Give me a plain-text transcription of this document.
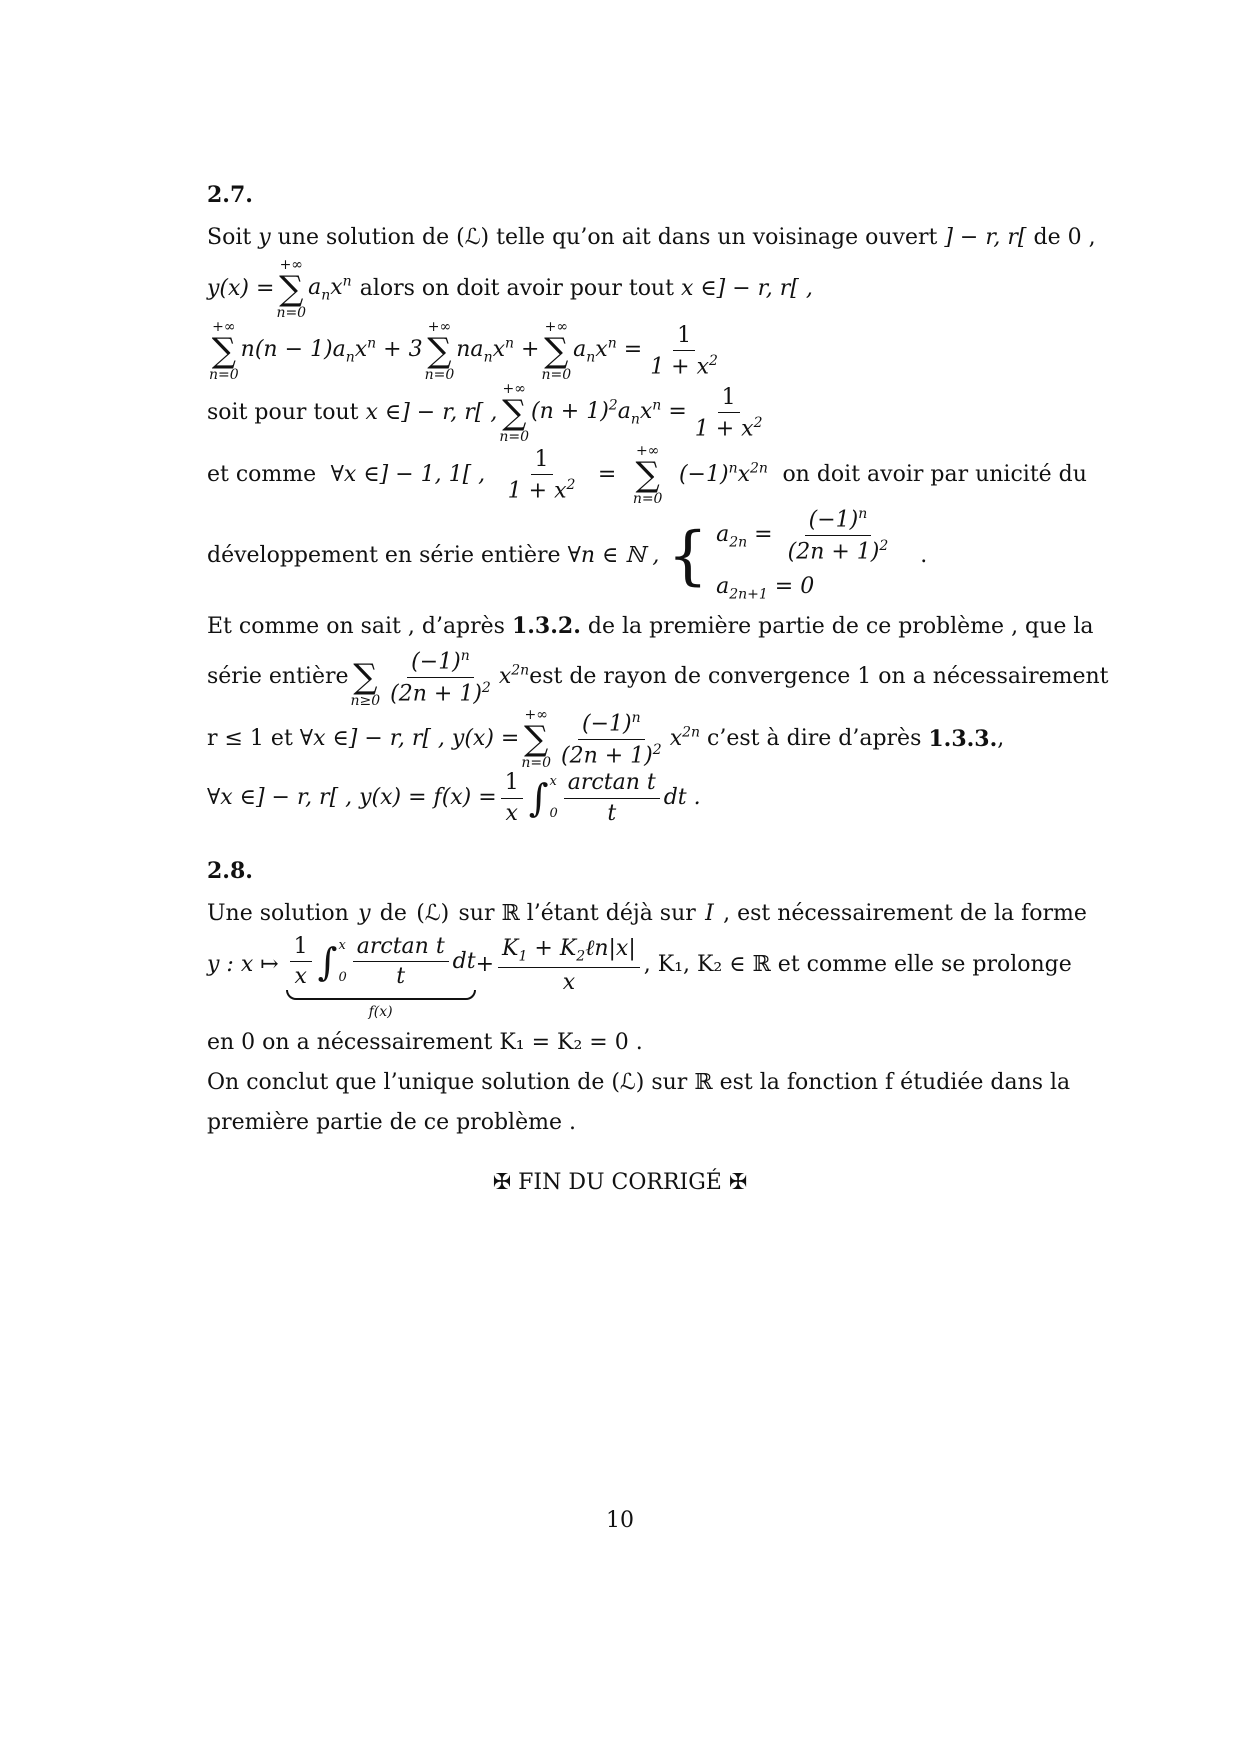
2.7.
Soit y une solution de (ℒ) telle qu’on ait dans un voisinage ouvert ] − r, r[ de 0 ,
y(x) =
+∞
∑
n=0
$a_nx^n$ alors on doit avoir pour tout x ∈] − r, r[ ,
+∞
∑
n=0
$n(n - 1)a_nx^n + 3$
+∞
∑
n=0
$na_nx^n$ +
+∞
∑
n=0
$a_nx^n = \frac{1}{1 + x^2}$
soit pour tout x ∈] − r, r[ ,
+∞
∑
n=0
$(n + 1)^2a_nx^n = \frac{1}{1 + x^2}$
et comme ∀x ∈] − 1, 1[ , $\frac{1}{1 + x^2}$ =
+∞
∑
n=0
$(-1)^nx^{2n}$ on doit avoir par unicité du
développement en série entière ∀n ∈ ℕ , { $a_{2n} = \frac{(-1)^n}{(2n + 1)^2}$
$a_{2n+1} = 0$
.
Et comme on sait , d’après 1.3.2. de la première partie de ce problème , que la
série entière
∑
$n\ge 0 \frac{(-1)^n}{(2n + 1)^2} x^{2n}$ est de rayon de convergence 1 on a nécessairement
r ≤ 1 et ∀x ∈] − r, r[ , y(x) =
+∞
∑
$n=0 \frac{(-1)^n}{(2n + 1)^2} x^{2n}$ c’est à dire d’après
1.3.3. ,
∀x ∈] − r, r[ , $y(x) = f(x) = \frac{1}{x}$ ∫ x
$0 \frac{\text{arctan t}}{t}$ dt .
2.8.
Une solution y de (ℒ) sur ℝ l’étant déjà sur I , est nécessairement de la forme
y : x ↦ $\frac{1}{x}$ ∫ x
$0 \frac{\text{arctan t}}{t}$ dt
f(x)
+ $\frac{K_1 + K_2\ell n|x|}{x}$ , K₁, K₂ ∈ ℝ et comme elle se prolonge
en 0 on a nécessairement K₁ = K₂ = 0 .
On conclut que l’unique solution de (ℒ) sur ℝ est la fonction f étudiée dans la
première partie de ce problème .
✠ FIN DU CORRIGÉ ✠
10
